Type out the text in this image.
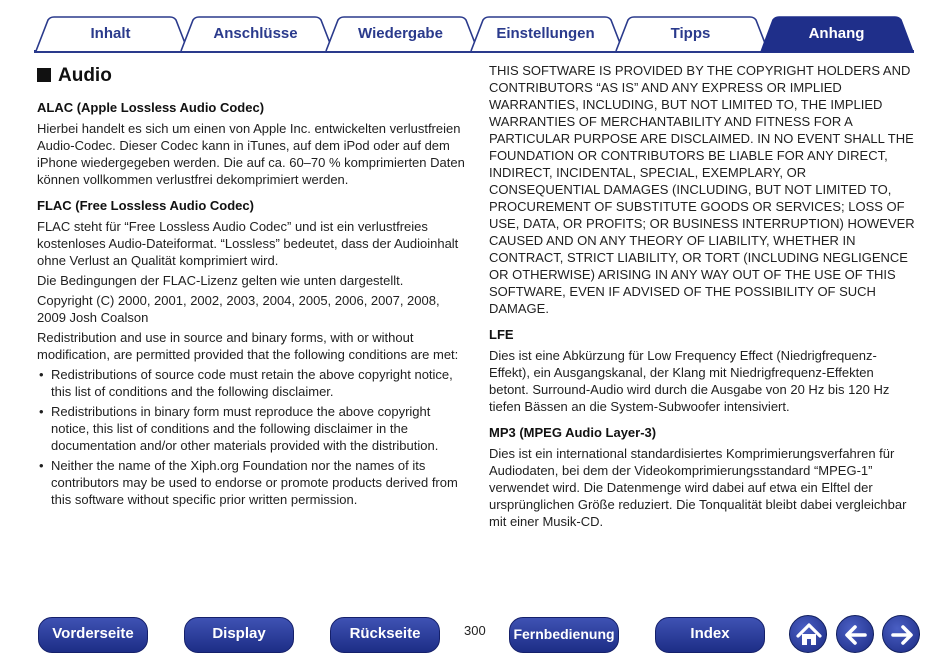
Inhalt	Anschlüsse	Wiedergabe	Einstellungen	Tipps	Anhang
Audio
ALAC (Apple Lossless Audio Codec)

Hierbei handelt es sich um einen von Apple Inc. entwickelten verlustfreien Audio-Codec. Dieser Codec kann in iTunes, auf dem iPod oder auf dem iPhone wiedergegeben werden. Die auf ca. 60–70 % komprimierten Daten können vollkommen verlustfrei dekomprimiert werden.

FLAC (Free Lossless Audio Codec)

FLAC steht für “Free Lossless Audio Codec” und ist ein verlustfreies kostenloses Audio-Dateiformat. “Lossless” bedeutet, dass der Audioinhalt ohne Verlust an Qualität komprimiert wird.

Die Bedingungen der FLAC-Lizenz gelten wie unten dargestellt.

Copyright (C) 2000, 2001, 2002, 2003, 2004, 2005, 2006, 2007, 2008, 2009 Josh Coalson

Redistribution and use in source and binary forms, with or without modification, are permitted provided that the following conditions are met:

• Redistributions of source code must retain the above copyright notice, this list of conditions and the following disclaimer.
• Redistributions in binary form must reproduce the above copyright notice, this list of conditions and the following disclaimer in the documentation and/or other materials provided with the distribution.
• Neither the name of the Xiph.org Foundation nor the names of its contributors may be used to endorse or promote products derived from this software without specific prior written permission.

THIS SOFTWARE IS PROVIDED BY THE COPYRIGHT HOLDERS AND CONTRIBUTORS “AS IS” AND ANY EXPRESS OR IMPLIED WARRANTIES, INCLUDING, BUT NOT LIMITED TO, THE IMPLIED WARRANTIES OF MERCHANTABILITY AND FITNESS FOR A PARTICULAR PURPOSE ARE DISCLAIMED. IN NO EVENT SHALL THE FOUNDATION OR CONTRIBUTORS BE LIABLE FOR ANY DIRECT, INDIRECT, INCIDENTAL, SPECIAL, EXEMPLARY, OR CONSEQUENTIAL DAMAGES (INCLUDING, BUT NOT LIMITED TO, PROCUREMENT OF SUBSTITUTE GOODS OR SERVICES; LOSS OF USE, DATA, OR PROFITS; OR BUSINESS INTERRUPTION) HOWEVER CAUSED AND ON ANY THEORY OF LIABILITY, WHETHER IN CONTRACT, STRICT LIABILITY, OR TORT (INCLUDING NEGLIGENCE OR OTHERWISE) ARISING IN ANY WAY OUT OF THE USE OF THIS SOFTWARE, EVEN IF ADVISED OF THE POSSIBILITY OF SUCH DAMAGE.

LFE

Dies ist eine Abkürzung für Low Frequency Effect (Niedrigfrequenz-Effekt), ein Ausgangskanal, der Klang mit Niedrigfrequenz-Effekten betont. Surround-Audio wird durch die Ausgabe von 20 Hz bis 120 Hz tiefen Bässen an die System-Subwoofer intensiviert.

MP3 (MPEG Audio Layer-3)

Dies ist ein international standardisiertes Komprimierungsverfahren für Audiodaten, bei dem der Videokomprimierungsstandard “MPEG-1” verwendet wird. Die Datenmenge wird dabei auf etwa ein Elftel der ursprünglichen Größe reduziert. Die Tonqualität bleibt dabei vergleichbar mit einer Musik-CD.

300
Vorderseite	Display	Rückseite	Fernbedienung	Index
